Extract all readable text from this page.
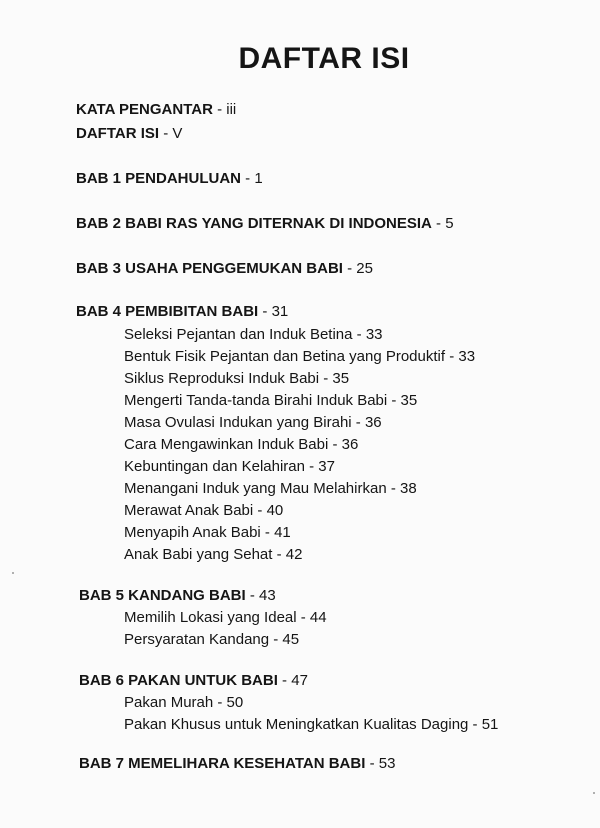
DAFTAR ISI
KATA PENGANTAR - iii
DAFTAR ISI - V
BAB 1 PENDAHULUAN - 1
BAB 2 BABI RAS YANG DITERNAK DI INDONESIA - 5
BAB 3 USAHA PENGGEMUKAN BABI - 25
BAB 4 PEMBIBITAN BABI - 31
Seleksi Pejantan dan Induk Betina - 33
Bentuk Fisik Pejantan dan Betina yang Produktif - 33
Siklus Reproduksi Induk Babi - 35
Mengerti Tanda-tanda Birahi Induk Babi - 35
Masa Ovulasi Indukan yang Birahi - 36
Cara Mengawinkan Induk Babi - 36
Kebuntingan dan Kelahiran - 37
Menangani Induk yang Mau Melahirkan - 38
Merawat Anak Babi - 40
Menyapih Anak Babi - 41
Anak Babi yang Sehat - 42
BAB 5 KANDANG BABI - 43
Memilih Lokasi yang Ideal - 44
Persyaratan Kandang - 45
BAB 6 PAKAN UNTUK BABI - 47
Pakan Murah - 50
Pakan Khusus untuk Meningkatkan Kualitas Daging - 51
BAB 7 MEMELIHARA KESEHATAN BABI - 53
